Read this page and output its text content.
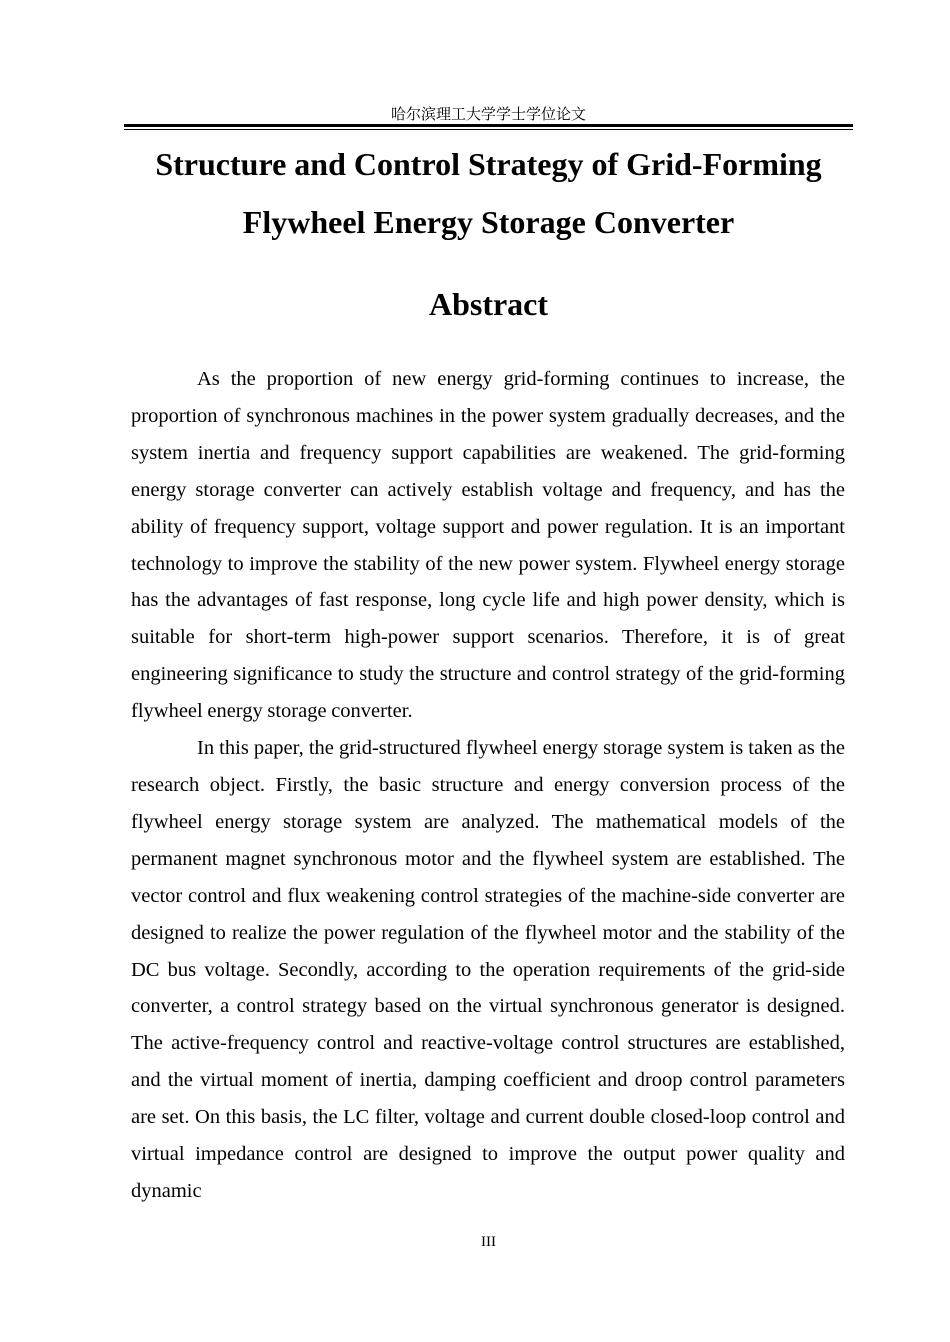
哈尔滨理工大学学士学位论文
Structure and Control Strategy of Grid-Forming Flywheel Energy Storage Converter
Abstract

As the proportion of new energy grid-forming continues to increase, the proportion of synchronous machines in the power system gradually decreases, and the system inertia and frequency support capabilities are weakened. The grid-forming energy storage converter can actively establish voltage and frequency, and has the ability of frequency support, voltage support and power regulation. It is an important technology to improve the stability of the new power system. Flywheel energy storage has the advantages of fast response, long cycle life and high power density, which is suitable for short-term high-power support scenarios. Therefore, it is of great engineering significance to study the structure and control strategy of the grid-forming flywheel energy storage converter.

In this paper, the grid-structured flywheel energy storage system is taken as the research object. Firstly, the basic structure and energy conversion process of the flywheel energy storage system are analyzed. The mathematical models of the permanent magnet synchronous motor and the flywheel system are established. The vector control and flux weakening control strategies of the machine-side converter are designed to realize the power regulation of the flywheel motor and the stability of the DC bus voltage. Secondly, according to the operation requirements of the grid-side converter, a control strategy based on the virtual synchronous generator is designed. The active-frequency control and reactive-voltage control structures are established, and the virtual moment of inertia, damping coefficient and droop control parameters are set. On this basis, the LC filter, voltage and current double closed-loop control and virtual impedance control are designed to improve the output power quality and dynamic

III
